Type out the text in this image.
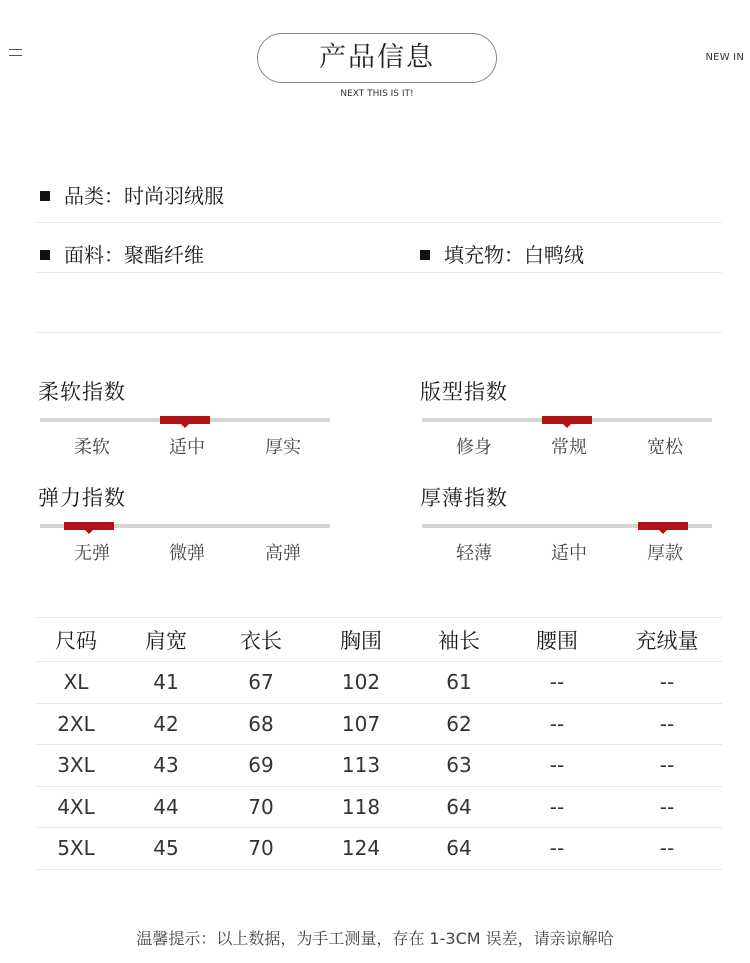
NEW IN
产品信息
NEXT THIS IS IT!
品类：时尚羽绒服
面料：聚酯纤维	填充物：白鸭绒
柔软指数
柔软	适中	厚实
版型指数
修身	常规	宽松
弹力指数
无弹	微弹	高弹
厚薄指数
轻薄	适中	厚款
尺码	肩宽	衣长	胸围	袖长	腰围	充绒量
XL	41	67	102	61	--	--
2XL	42	68	107	62	--	--
3XL	43	69	113	63	--	--
4XL	44	70	118	64	--	--
5XL	45	70	124	64	--	--
温馨提示：以上数据，为手工测量，存在 1-3CM 误差，请亲谅解哈
